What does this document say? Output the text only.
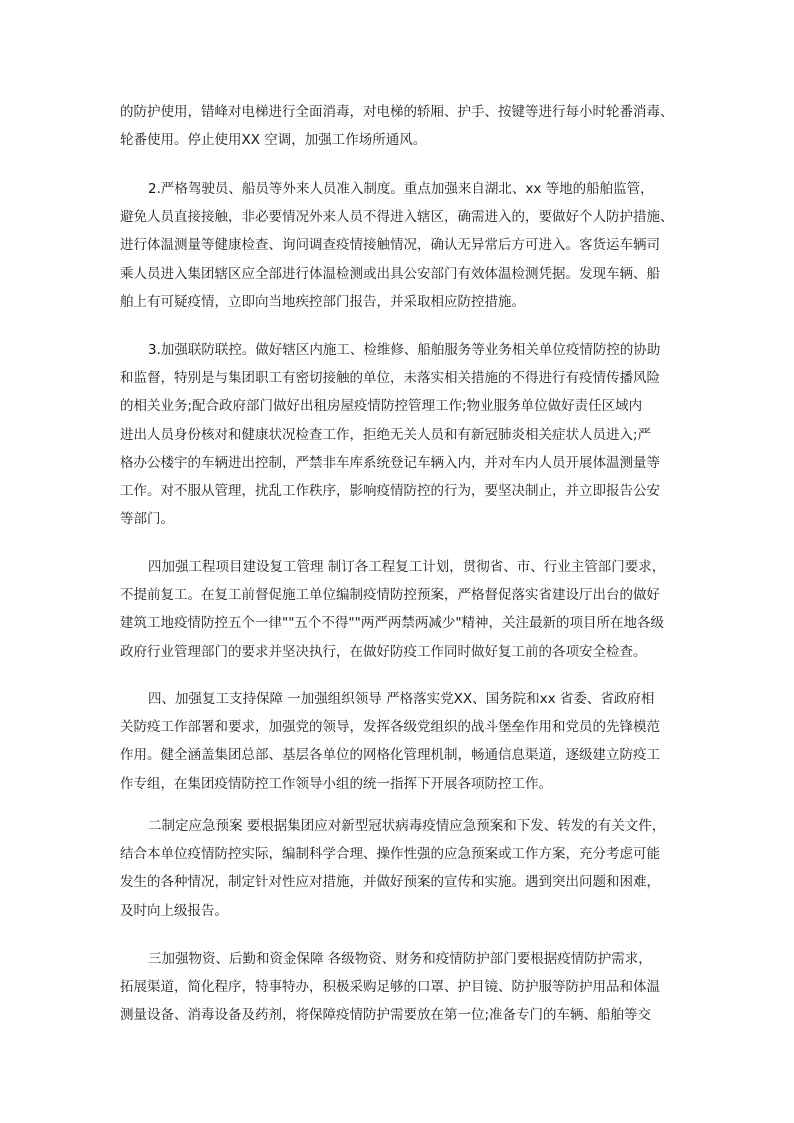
的防护使用，错峰对电梯进行全面消毒，对电梯的轿厢、护手、按键等进行每小时轮番消毒、
轮番使用。停止使用XX 空调，加强工作场所通风。
2.严格驾驶员、船员等外来人员准入制度。重点加强来自湖北、xx 等地的船舶监管，
避免人员直接接触，非必要情况外来人员不得进入辖区，确需进入的，要做好个人防护措施、
进行体温测量等健康检查、询问调查疫情接触情况，确认无异常后方可进入。客货运车辆司
乘人员进入集团辖区应全部进行体温检测或出具公安部门有效体温检测凭据。发现车辆、船
舶上有可疑疫情，立即向当地疾控部门报告，并采取相应防控措施。
3.加强联防联控。做好辖区内施工、检维修、船舶服务等业务相关单位疫情防控的协助
和监督，特别是与集团职工有密切接触的单位，未落实相关措施的不得进行有疫情传播风险
的相关业务;配合政府部门做好出租房屋疫情防控管理工作;物业服务单位做好责任区域内
进出人员身份核对和健康状况检查工作，拒绝无关人员和有新冠肺炎相关症状人员进入;严
格办公楼宇的车辆进出控制，严禁非车库系统登记车辆入内，并对车内人员开展体温测量等
工作。对不服从管理，扰乱工作秩序，影响疫情防控的行为，要坚决制止，并立即报告公安
等部门。
四加强工程项目建设复工管理 制订各工程复工计划，贯彻省、市、行业主管部门要求，
不提前复工。在复工前督促施工单位编制疫情防控预案，严格督促落实省建设厅出台的做好
建筑工地疫情防控五个一律""五个不得""两严两禁两减少"精神，关注最新的项目所在地各级
政府行业管理部门的要求并坚决执行，在做好防疫工作同时做好复工前的各项安全检查。
四、加强复工支持保障 一加强组织领导 严格落实党XX、国务院和xx 省委、省政府相
关防疫工作部署和要求，加强党的领导，发挥各级党组织的战斗堡垒作用和党员的先锋模范
作用。健全涵盖集团总部、基层各单位的网格化管理机制，畅通信息渠道，逐级建立防疫工
作专组，在集团疫情防控工作领导小组的统一指挥下开展各项防控工作。
二制定应急预案 要根据集团应对新型冠状病毒疫情应急预案和下发、转发的有关文件，
结合本单位疫情防控实际，编制科学合理、操作性强的应急预案或工作方案，充分考虑可能
发生的各种情况，制定针对性应对措施，并做好预案的宣传和实施。遇到突出问题和困难，
及时向上级报告。
三加强物资、后勤和资金保障 各级物资、财务和疫情防护部门要根据疫情防护需求，
拓展渠道，简化程序，特事特办，积极采购足够的口罩、护目镜、防护服等防护用品和体温
测量设备、消毒设备及药剂，将保障疫情防护需要放在第一位;准备专门的车辆、船舶等交
